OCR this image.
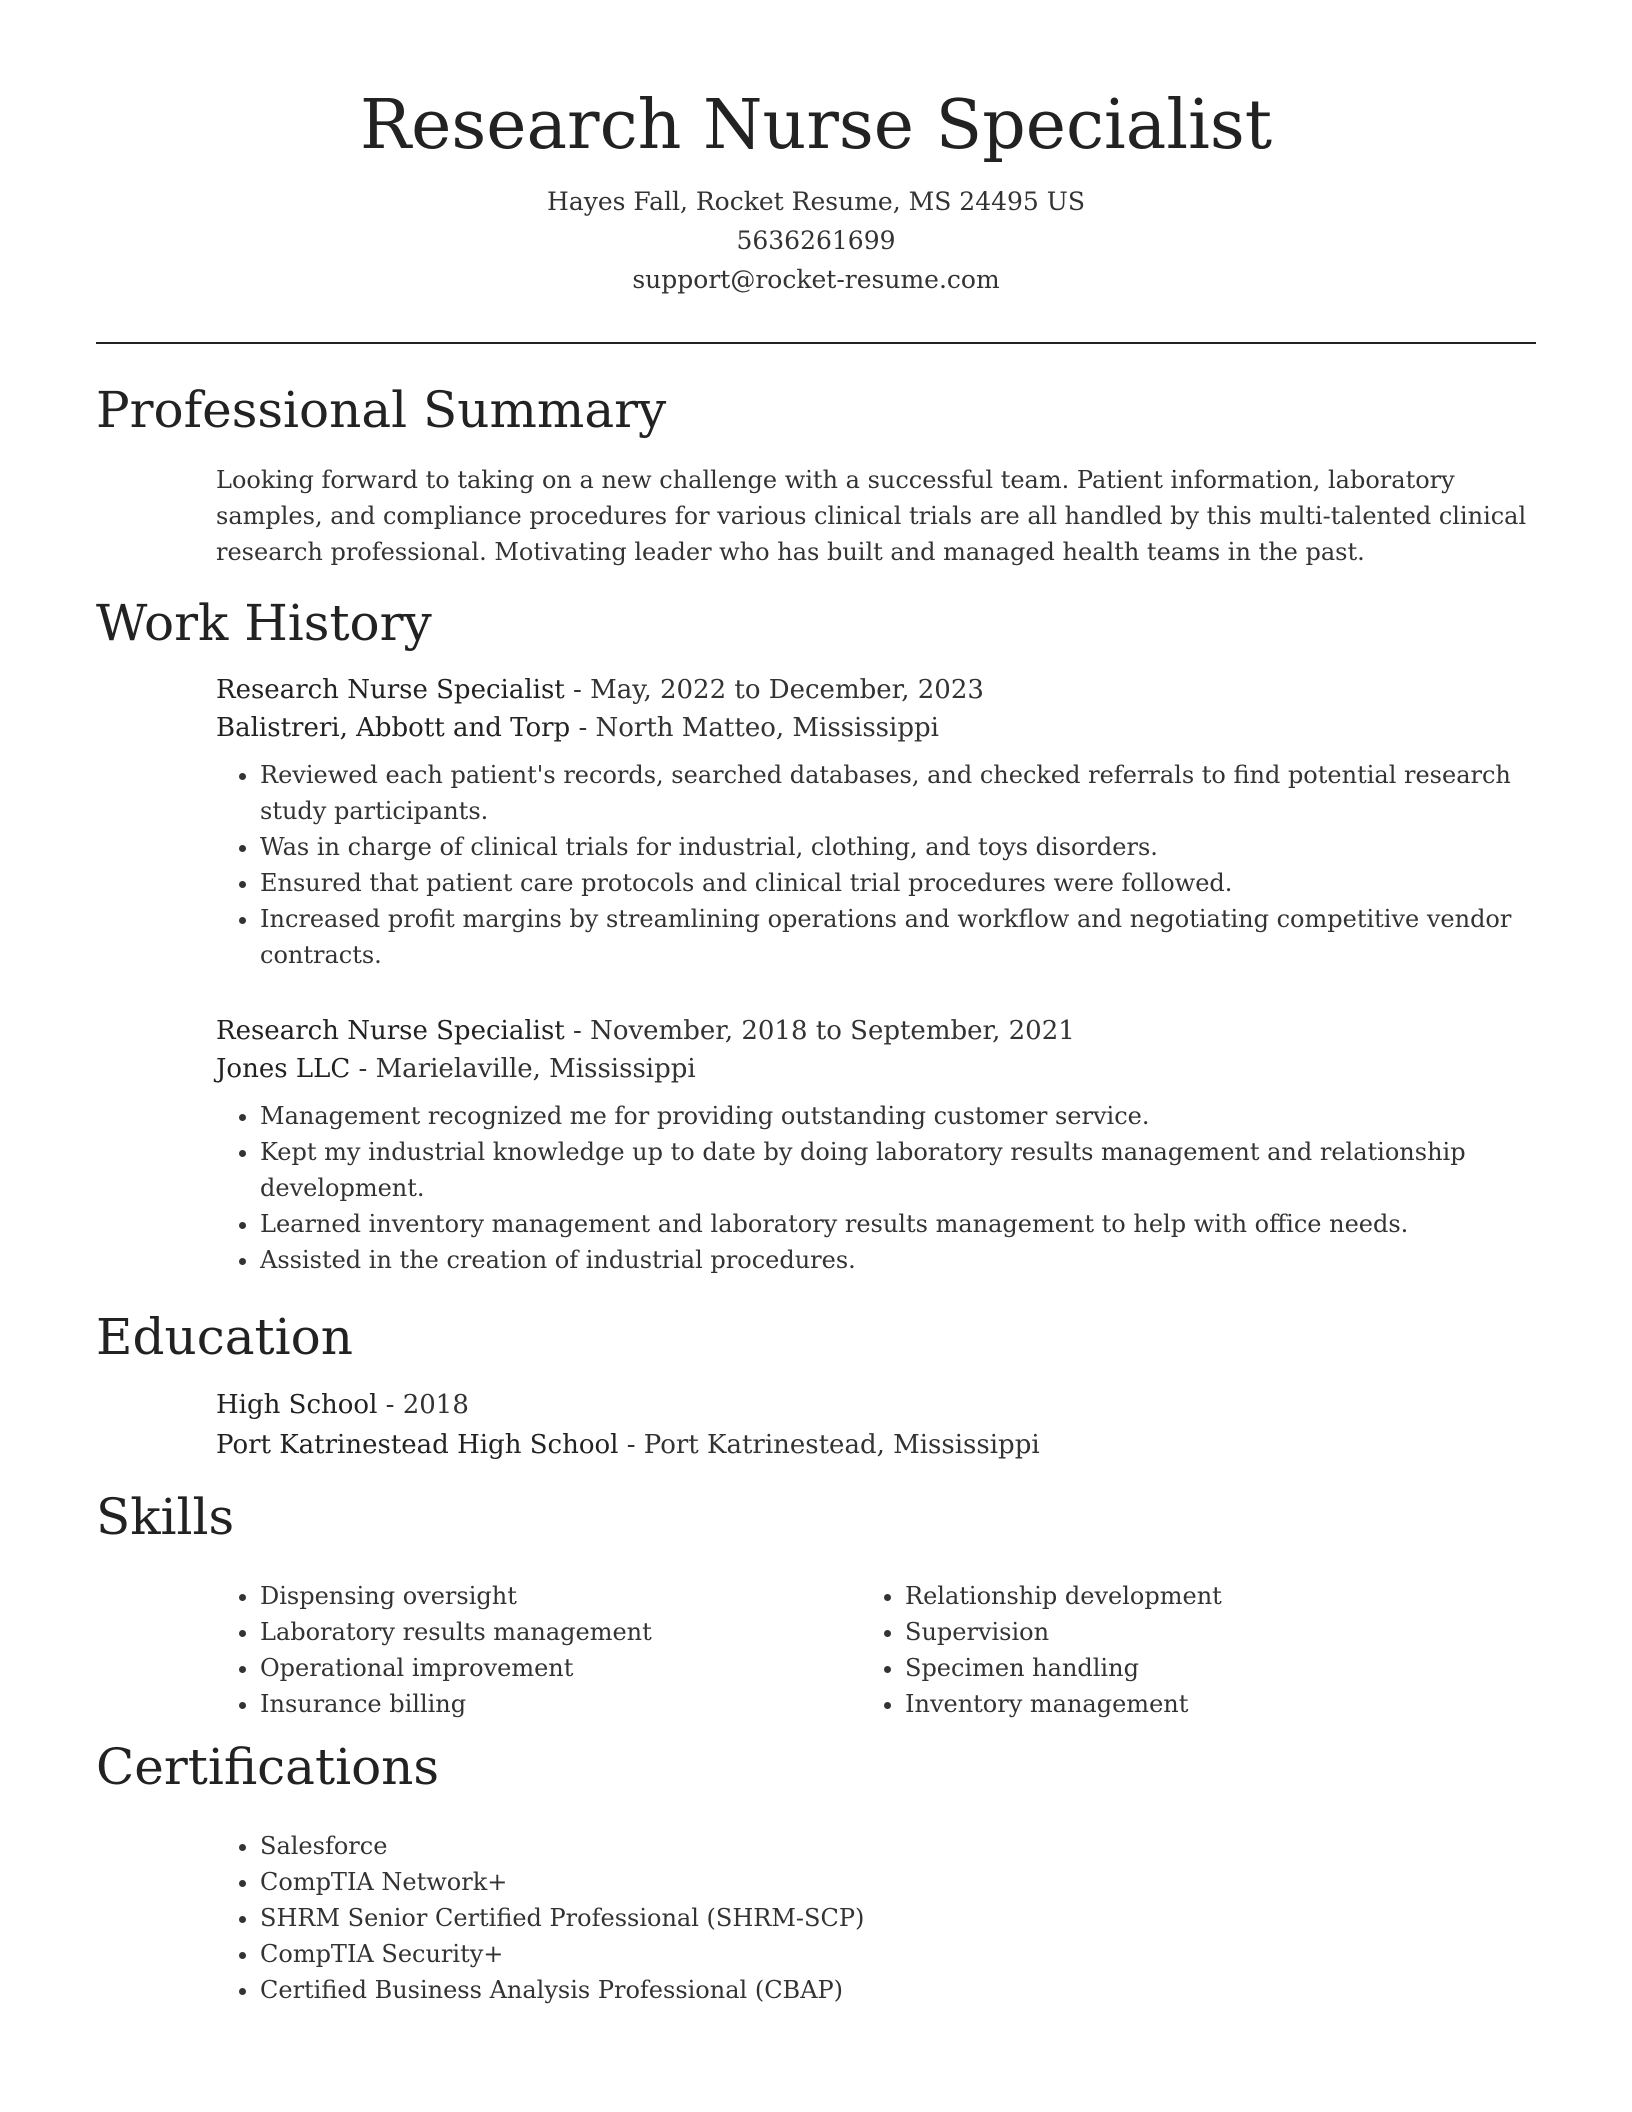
Research Nurse Specialist
Hayes Fall, Rocket Resume, MS 24495 US
5636261699
support@rocket-resume.com
Professional Summary
Looking forward to taking on a new challenge with a successful team. Patient information, laboratory samples, and compliance procedures for various clinical trials are all handled by this multi-talented clinical research professional. Motivating leader who has built and managed health teams in the past.
Work History
Research Nurse Specialist - May, 2022 to December, 2023
Balistreri, Abbott and Torp - North Matteo, Mississippi
• Reviewed each patient's records, searched databases, and checked referrals to find potential research study participants.
• Was in charge of clinical trials for industrial, clothing, and toys disorders.
• Ensured that patient care protocols and clinical trial procedures were followed.
• Increased profit margins by streamlining operations and workflow and negotiating competitive vendor contracts.
Research Nurse Specialist - November, 2018 to September, 2021
Jones LLC - Marielaville, Mississippi
• Management recognized me for providing outstanding customer service.
• Kept my industrial knowledge up to date by doing laboratory results management and relationship development.
• Learned inventory management and laboratory results management to help with office needs.
• Assisted in the creation of industrial procedures.
Education
High School - 2018
Port Katrinestead High School - Port Katrinestead, Mississippi
Skills
• Dispensing oversight
• Laboratory results management
• Operational improvement
• Insurance billing
• Relationship development
• Supervision
• Specimen handling
• Inventory management
Certifications
• Salesforce
• CompTIA Network+
• SHRM Senior Certified Professional (SHRM-SCP)
• CompTIA Security+
• Certified Business Analysis Professional (CBAP)
